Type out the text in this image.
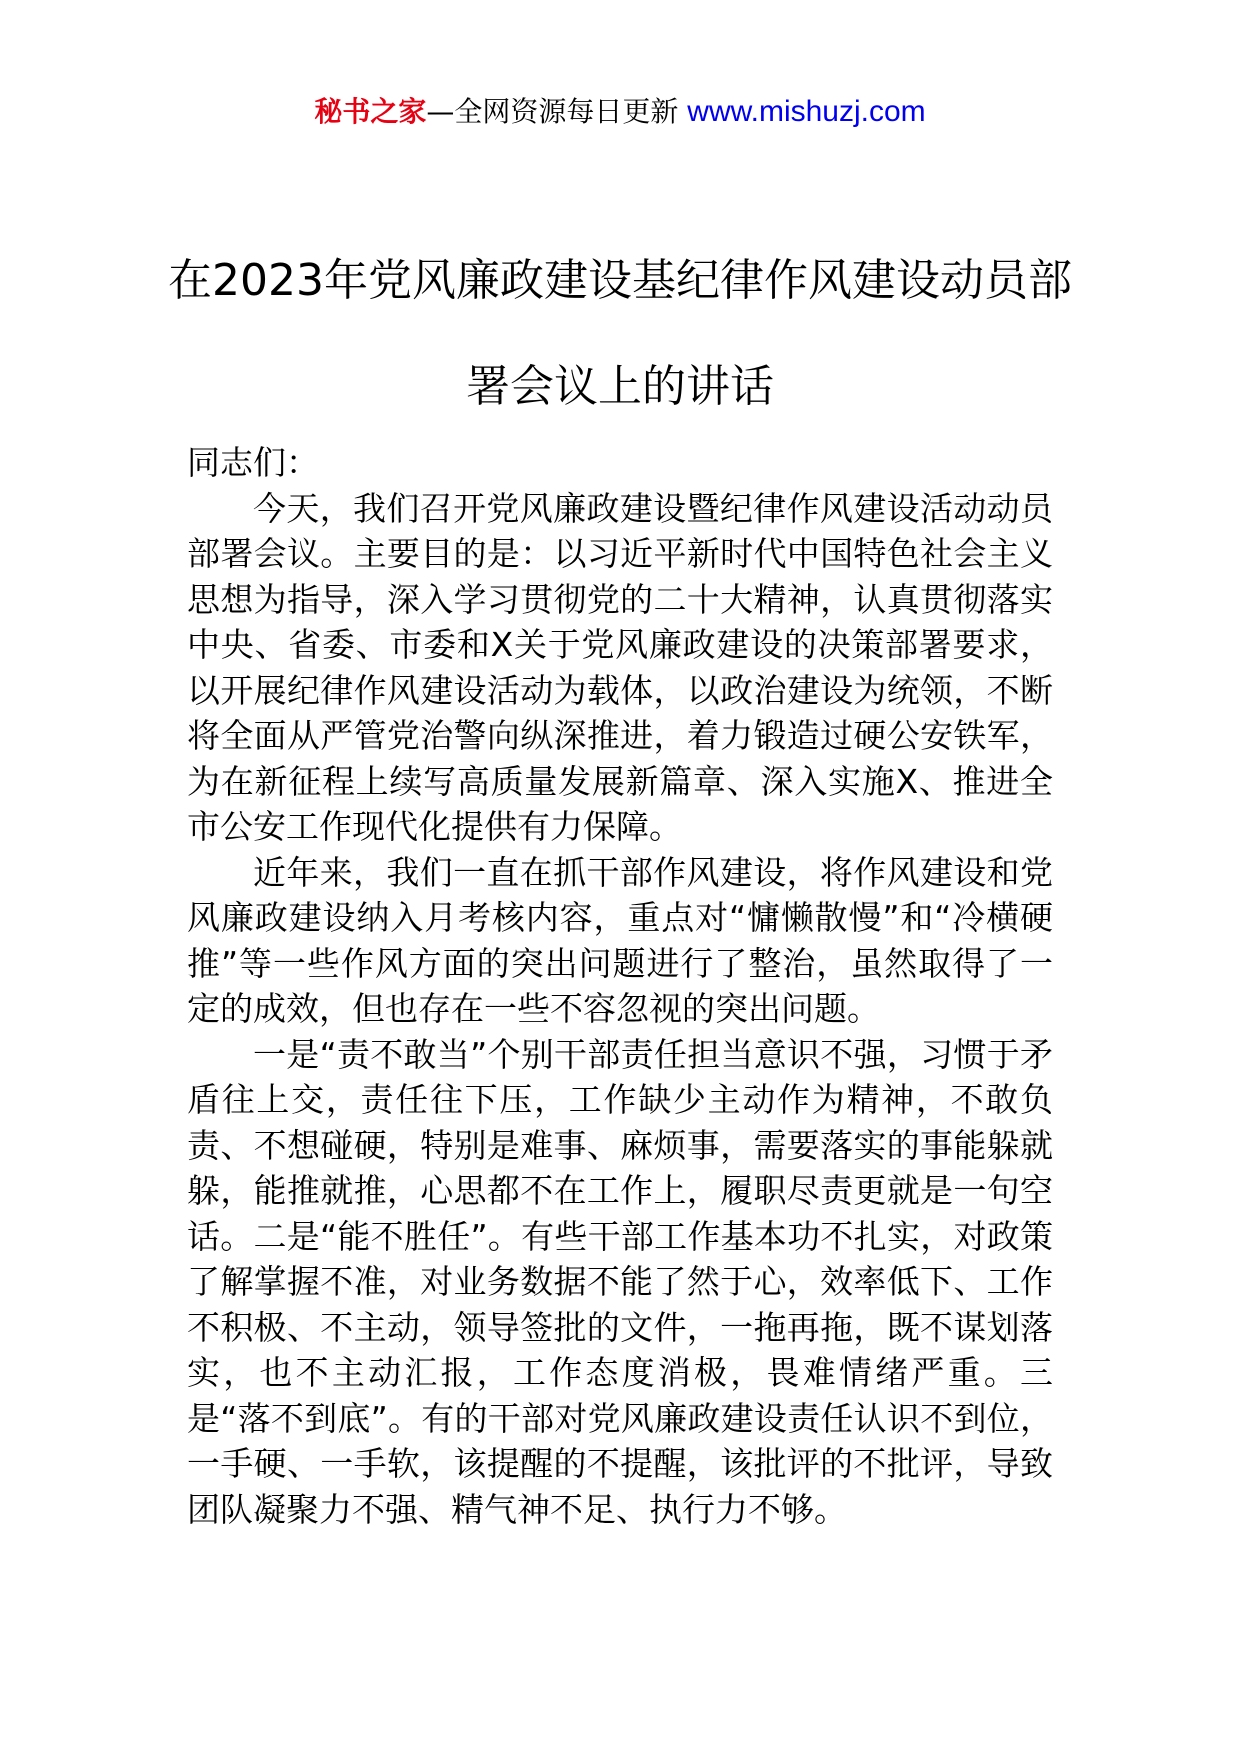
秘书之家—全网资源每日更新 www.mishuzj.com
在2023年党风廉政建设基纪律作风建设动员部署会议上的讲话

同志们：

今天，我们召开党风廉政建设暨纪律作风建设活动动员部署会议。主要目的是：以习近平新时代中国特色社会主义思想为指导，深入学习贯彻党的二十大精神，认真贯彻落实中央、省委、市委和X关于党风廉政建设的决策部署要求，以开展纪律作风建设活动为载体，以政治建设为统领，不断将全面从严管党治警向纵深推进，着力锻造过硬公安铁军，为在新征程上续写高质量发展新篇章、深入实施X、推进全市公安工作现代化提供有力保障。

近年来，我们一直在抓干部作风建设，将作风建设和党风廉政建设纳入月考核内容，重点对“慵懒散慢”和“冷横硬推”等一些作风方面的突出问题进行了整治，虽然取得了一定的成效，但也存在一些不容忽视的突出问题。

一是“责不敢当”个别干部责任担当意识不强，习惯于矛盾往上交，责任往下压，工作缺少主动作为精神，不敢负责、不想碰硬，特别是难事、麻烦事，需要落实的事能躲就躲，能推就推，心思都不在工作上，履职尽责更就是一句空话。二是“能不胜任”。有些干部工作基本功不扎实，对政策了解掌握不准，对业务数据不能了然于心，效率低下、工作不积极、不主动，领导签批的文件，一拖再拖，既不谋划落实，也不主动汇报，工作态度消极，畏难情绪严重。三是“落不到底”。有的干部对党风廉政建设责任认识不到位，一手硬、一手软，该提醒的不提醒，该批评的不批评，导致团队凝聚力不强、精气神不足、执行力不够。
